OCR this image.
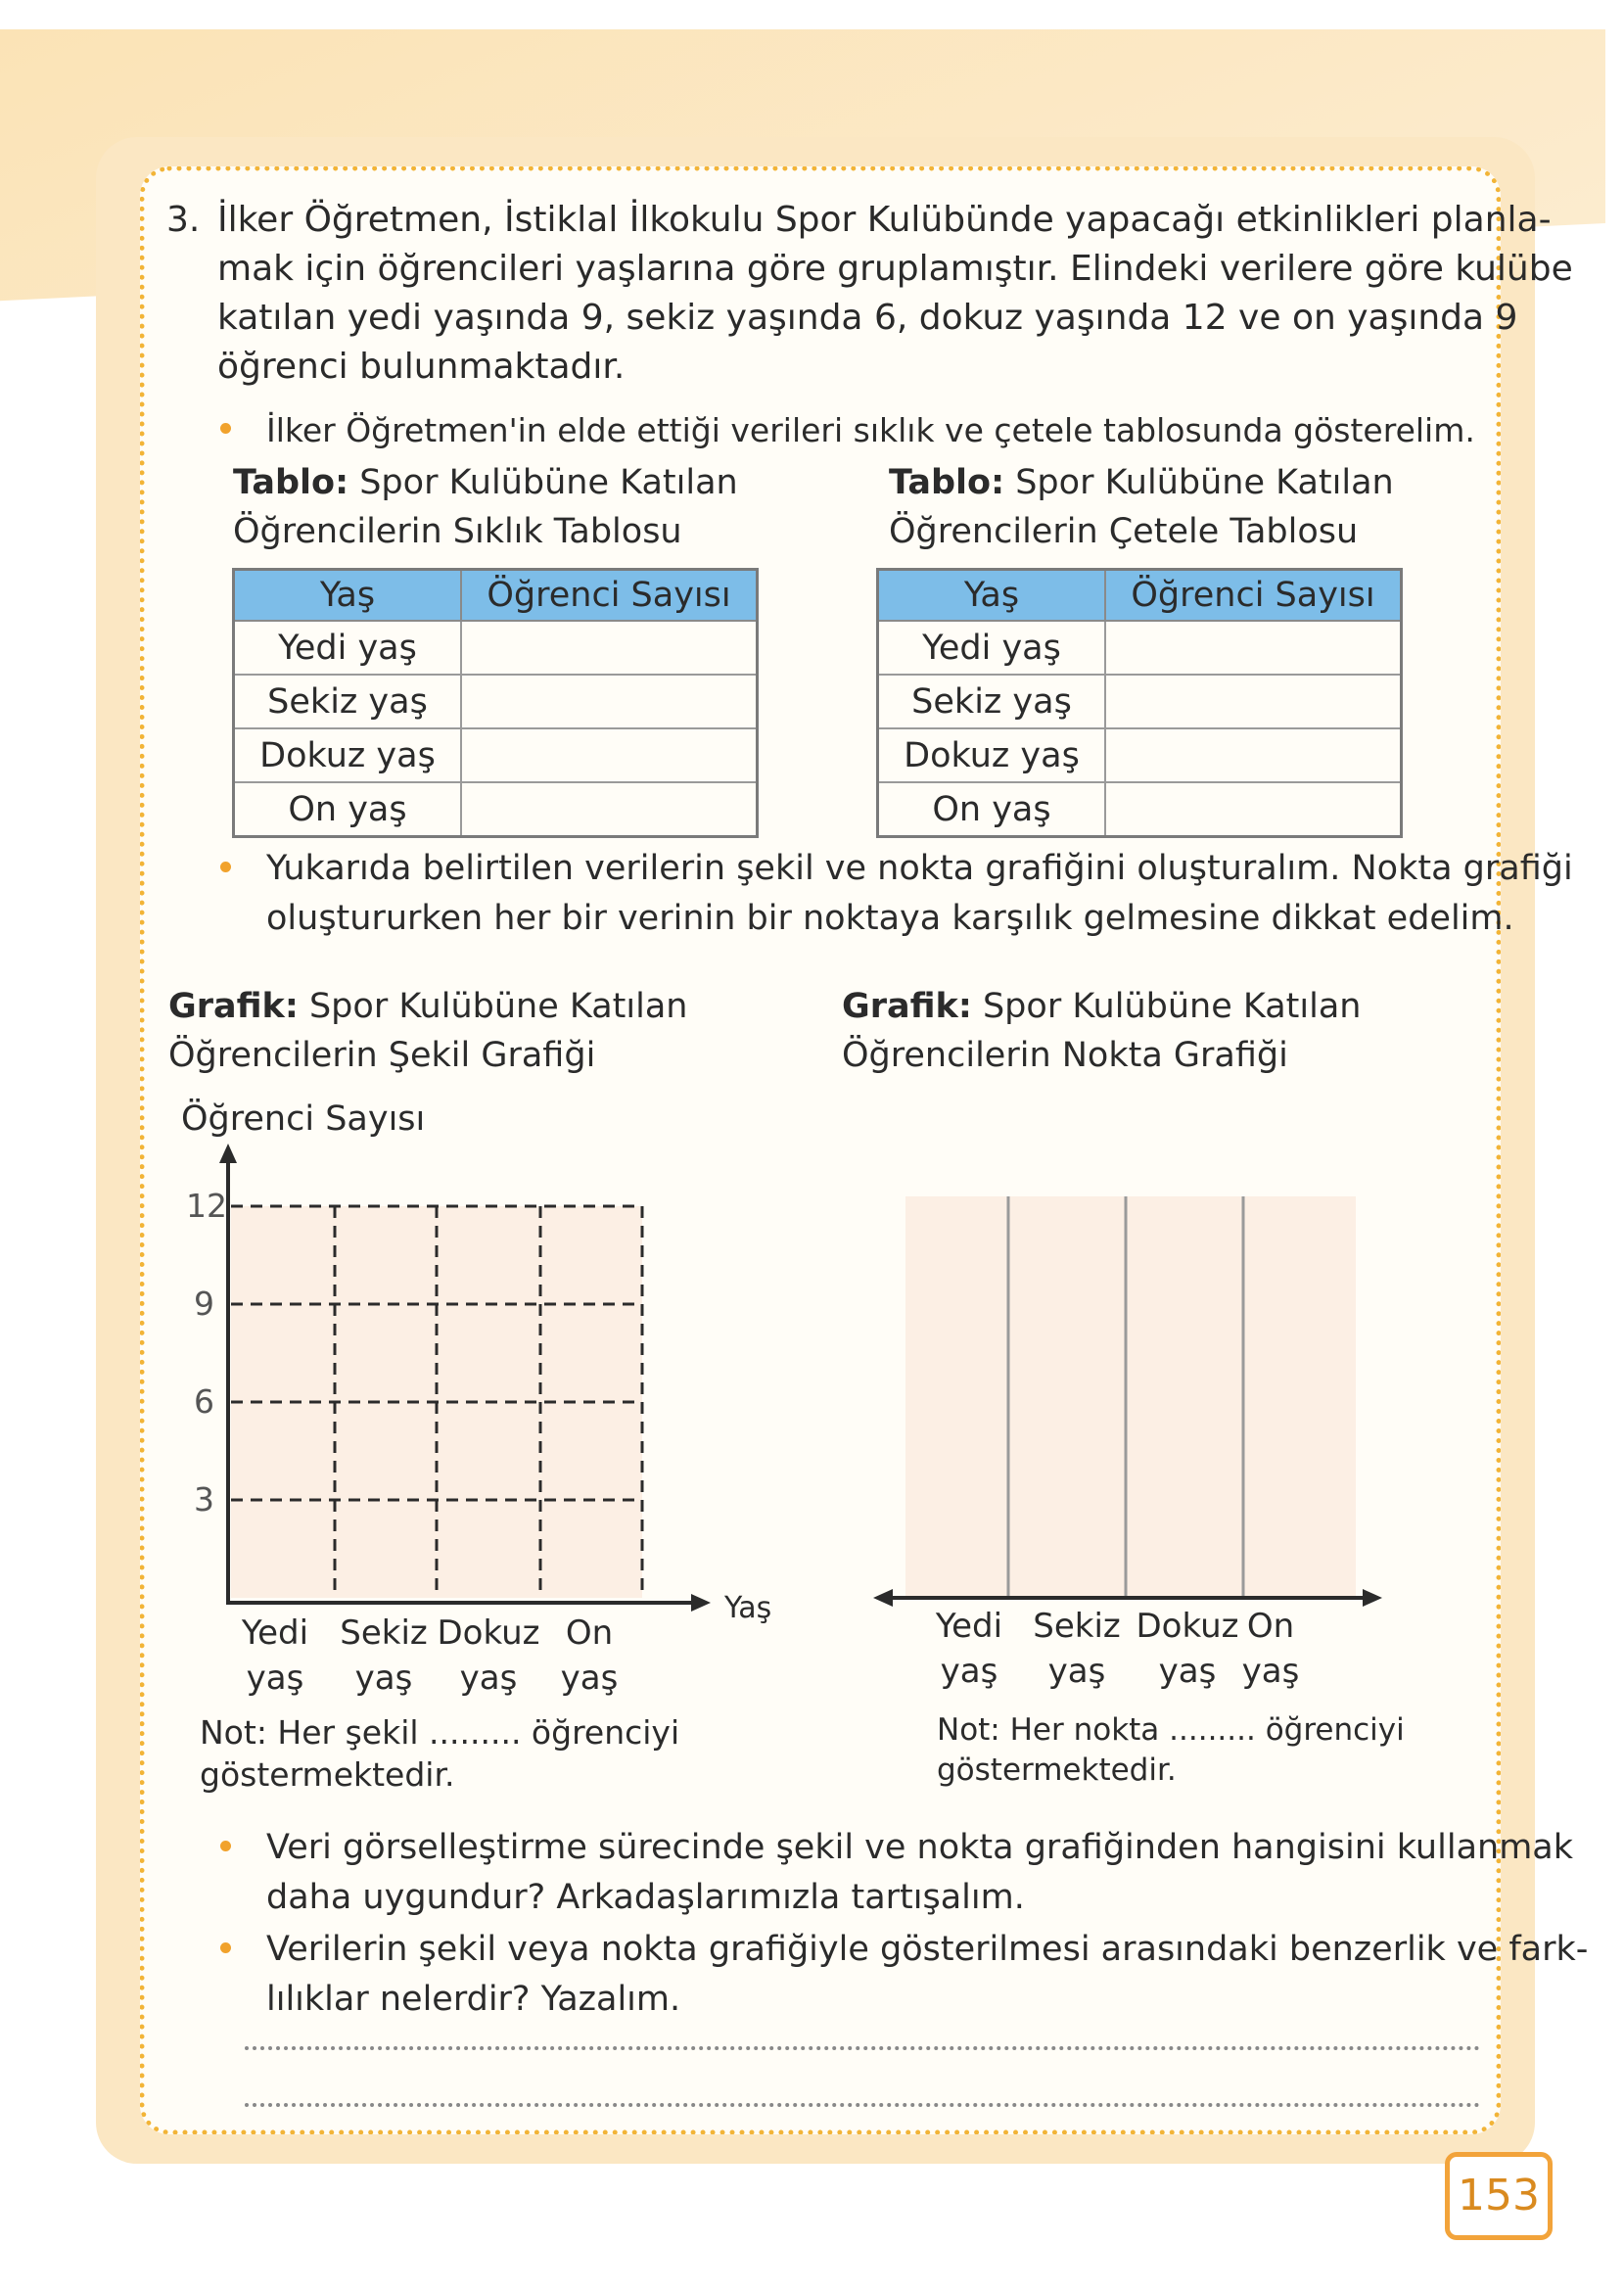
3. İlker Öğretmen, İstiklal İlkokulu Spor Kulübünde yapacağı etkinlikleri planla-
mak için öğrencileri yaşlarına göre gruplamıştır. Elindeki verilere göre kulübe
katılan yedi yaşında 9, sekiz yaşında 6, dokuz yaşında 12 ve on yaşında 9
öğrenci bulunmaktadır.
İlker Öğretmen'in elde ettiği verileri sıklık ve çetele tablosunda gösterelim.
Tablo: Spor Kulübüne Katılan
Öğrencilerin Sıklık Tablosu
Tablo: Spor Kulübüne Katılan
Öğrencilerin Çetele Tablosu
Yaş	Öğrenci Sayısı
Yedi yaş	
Sekiz yaş	
Dokuz yaş	
On yaş	
Yaş	Öğrenci Sayısı
Yedi yaş	
Sekiz yaş	
Dokuz yaş	
On yaş	
Yukarıda belirtilen verilerin şekil ve nokta grafiğini oluşturalım. Nokta grafiği
oluştururken her bir verinin bir noktaya karşılık gelmesine dikkat edelim.
Grafik: Spor Kulübüne Katılan
Öğrencilerin Şekil Grafiği
Grafik: Spor Kulübüne Katılan
Öğrencilerin Nokta Grafiği
Öğrenci Sayısı
12
9
6
3
Yaş
Yedi
yaş
Sekiz
yaş
Dokuz
yaş
On
yaş
Not: Her şekil ......... öğrenciyi
göstermektedir.
Yedi
yaş
Sekiz
yaş
Dokuz
yaş
On
yaş
Not: Her nokta ......... öğrenciyi
göstermektedir.
Veri görselleştirme sürecinde şekil ve nokta grafiğinden hangisini kullanmak
daha uygundur? Arkadaşlarımızla tartışalım.
Verilerin şekil veya nokta grafiğiyle gösterilmesi arasındaki benzerlik ve fark-
lılıklar nelerdir? Yazalım.
153
